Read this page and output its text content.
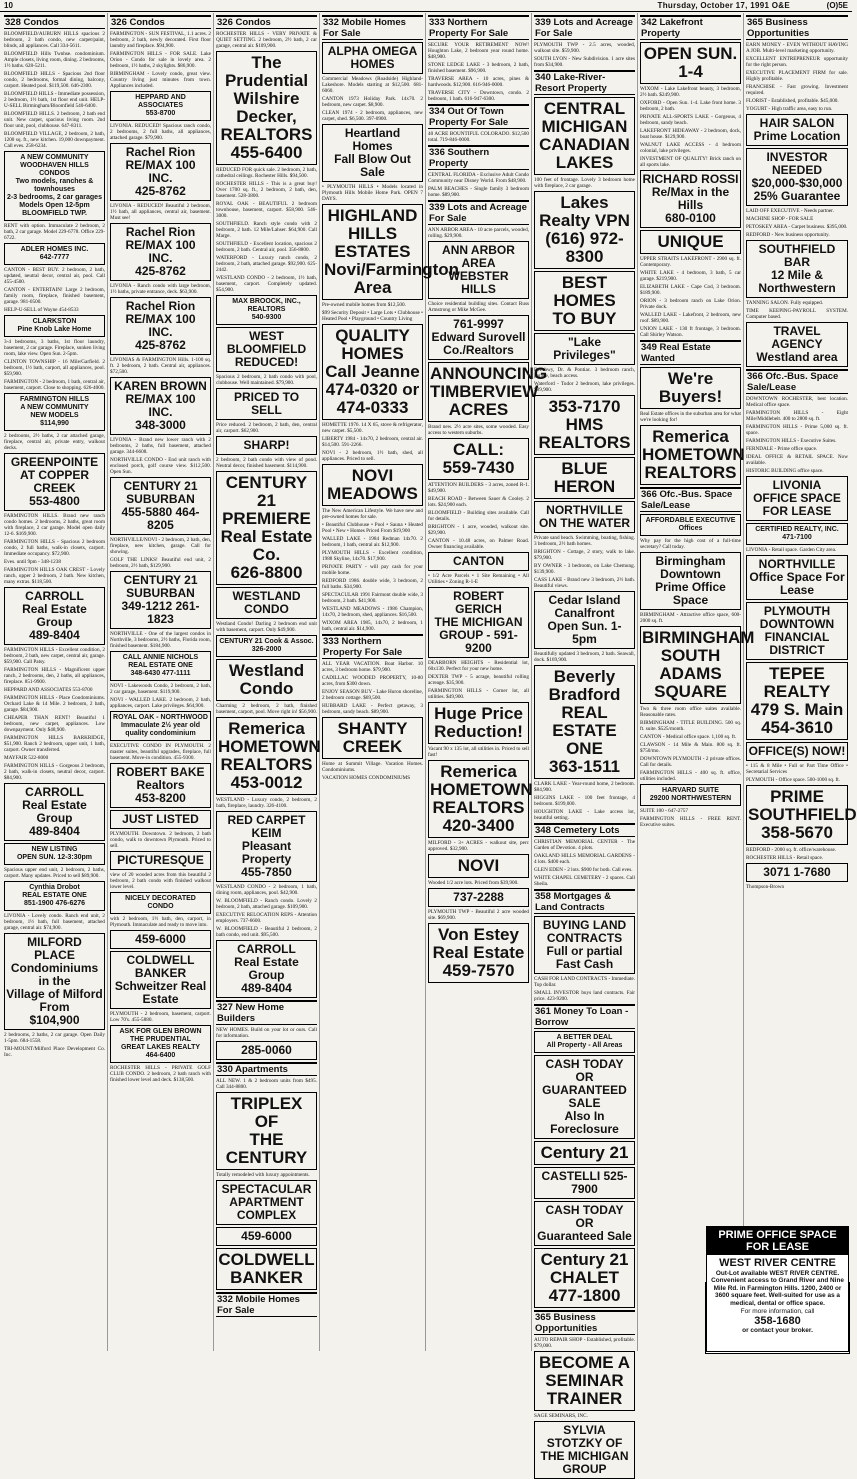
10	Thursday, October 17, 1991 O&E	(O)5E
328 Condos

BLOOMFIELD/AUBURN HILLS spacious 2 bedroom, 2 bath condo, new carpet/paint, blinds, all appliances. Call 334-5611.

BLOOMFIELD Hills Twnhse. condominium. Ample closets, living room, dining. 2 bedrooms, 1½ baths. 628-5211.

BLOOMFIELD HILLS - Spacious 2nd floor condo, 2 bedrooms, formal dining, balcony, carport. Heated pool. $119,500. 646-2300.

BLOOMFIELD HILLS - Immediate possession, 2 bedroom, 1½ bath, 1st floor end unit. HELP-U-SELL Birmingham/Bloomfield 540-6400.

BLOOMFIELD HILLS. 2 bedroom, 2 bath end unit. New carpet, spacious living room. 2nd floor unit, pool, clubhouse. 647-8311.

BLOOMFIELD VILLAGE, 2 bedroom, 2 bath, 1200 sq. ft., new kitchen. 19,000 downpayment. Call eves. 258-6234.

A NEW COMMUNITY
WOODHAVEN HILLS CONDOS
Two models, ranches & townhouses
2-3 bedrooms, 2 car garages
Models Open 12-5pm
BLOOMFIELD TWP.

RENT with option. Immaculate 2 bedroom, 2 bath, 2 car garage. Model 229-6778. Office 229-6722.

ADLER HOMES INC.
642-7777

CANTON - BEST BUY. 2 bedroom, 2 bath, updated, neutral decor, central air, pool. Call 455-4500.

CANTON - ENTERTAIN! Large 2 bedroom, family room, fireplace, finished basement, garage. 981-0500.

HELP-U-SELL of Wayne 454-8533

CLARKSTON
Pine Knob Lake Home

3-4 bedrooms, 3 baths, 1st floor laundry, basement, 2 car garage. Fireplace, sunken living room, lake view. Open Sun. 2-5pm.

CLINTON TOWNSHIP - 16 Mile/Garfield. 2 bedroom, 1½ bath, carport, all appliances, pool. $59,900.

FARMINGTON - 2 bedroom, 1 bath, central air, basement, carport. Close to shopping. 626-4000.

FARMINGTON HILLS
A NEW COMMUNITY
NEW MODELS
$114,990

2 bedrooms, 2½ baths, 2 car attached garage, fireplace, central air, private entry, walkout decks.

GREENPOINTE
AT COPPER CREEK
553-4800

FARMINGTON HILLS. Brand new ranch condo homes. 2 bedrooms, 2 baths, great room with fireplace, 2 car garage. Model open daily 12-6. $169,900.

FARMINGTON HILLS - Spacious 2 bedroom condo, 2 full baths, walk-in closets, carport. Immediate occupancy. $72,900.

Eves. until 9pm - 348-1238

FARMINGTON HILLS OAK CREST - Lovely ranch, upper 2 bedroom, 2 bath. New kitchen, many extras. $118,500.

CARROLL
Real Estate Group
489-8404

FARMINGTON HILLS - Excellent condition, 2 bedroom, 2 bath, new carpet, central air, garage. $59,900. Call Patsy.

FARMINGTON HILLS - Magnificent upper ranch, 2 bedrooms, den, 2 baths, all appliances, fireplace. 851-9900.

HEPPARD AND ASSOCIATES 553-8700

FARMINGTON HILLS - Place Condominiums. Orchard Lake & 14 Mile. 2 bedroom, 2 bath, garage. $84,900.

CHEAPER THAN RENT! Beautiful 1 bedroom, new carpet, appliances. Low downpayment. Only $48,900.

FARMINGTON HILLS BARKRIDGE, $51,900. Ranch 2 bedroom, upper unit, 1 bath, carport. Owner transferred.

MAYFAIR 522-8000

FARMINGTON HILLS - Gorgeous 2 bedroom, 2 bath, walk-in closets, neutral decor, carport. $84,900.

CARROLL
Real Estate Group
489-8404
NEW LISTING
OPEN SUN. 12-3:30pm

Spacious upper end unit, 2 bedroom, 2 baths, carport. Many updates. Priced to sell $89,900.

Cynthia Drobot
REAL ESTATE ONE
851-1900 476-6276

LIVONIA - Lovely condo. Ranch end unit, 2 bedroom, 1½ bath, full basement, attached garage, central air. $74,900.

MILFORD PLACE
Condominiums
in the
Village of Milford
From
$104,900

2 bedrooms, 2 baths, 2 car garage. Open Daily 1-5pm. 684-1558.

TRI-MOUNT/Milford Place Development Co. Inc.

326 Condos

FARMINGTON - SUN FESTIVAL, 1.1 acres. 2 bedroom, 2 bath, newly decorated. First floor laundry and fireplace. $94,900.

FARMINGTON HILLS - FOR SALE. Lake Orion - Condo for sale in lovely area. 2 bedroom, 1½ baths, 2 skylights. $86,900.

BIRMINGHAM - Lovely condo, great view. Country living just minutes from town. Appliances included.

HEPPARD AND ASSOCIATES
553-8700

LIVONIA. REDUCED! Spacious ranch condo, 2 bedrooms, 2 full baths, all appliances, attached garage. $79,900.

Rachel Rion
RE/MAX 100 INC.
425-8762

LIVONIA - REDUCED! Beautiful 2 bedroom, 1½ bath, all appliances, central air, basement. Must see!

Rachel Rion
RE/MAX 100 INC.
425-8762

LIVONIA - Ranch condo with large bedroom, 1½ baths, private entrance, deck. $63,900.

Rachel Rion
RE/MAX 100 INC.
425-8762

LIVONIAS & FARMINGTON Hills. 1-100 sq. ft. 2 bedroom, 2 bath. Central air, appliances. $72,500.

KAREN BROWN
RE/MAX 100 INC.
348-3000

LIVONIA - Brand new lower ranch with 2 bedrooms, 2 baths, full basement, attached garage. 344-6608.

NORTHVILLE CONDO - End unit ranch with enclosed porch, golf course view. $112,500. Open Sun.

CENTURY 21
SUBURBAN
455-5880 464-8205

NORTHVILLE/NOVI - 2 bedroom, 2 bath, den, fireplace, new kitchen, garage. Call for showing.

GOLF THE LINKS! Beautiful end unit, 2 bedroom, 2½ bath, $129,900.

CENTURY 21
SUBURBAN
349-1212 261-1823

NORTHVILLE - One of the largest condos in Northville, 3 bedrooms, 2½ baths, Florida room, finished basement. $184,900.

CALL ANNIE NICHOLS
REAL ESTATE ONE
348-6430 477-1111

NOVI - Lakewoods Condo, 2 bedroom, 2 bath, 2 car garage, basement. $119,900.

NOVI - WALLED LAKE. 2 bedroom, 2 bath, appliances, carport. Lake privileges. $64,900.

ROYAL OAK - NORTHWOOD
Immaculate 2½ year old quality condominium

EXECUTIVE CONDO IN PLYMOUTH. 2 master suites, beautiful upgrades, fireplace, full basement. Move-in condition. 455-9300.

ROBERT BAKE
Realtors
453-8200
JUST LISTED

PLYMOUTH. Downtown. 2 bedroom, 2 bath condo, walk to downtown Plymouth. Priced to sell.

PICTURESQUE

view of 20 wooded acres from this beautiful 2 bedroom, 2 bath condo with finished walkout lower level.

NICELY DECORATED
CONDO

with 2 bedroom, 1½ bath, den, carport, in Plymouth. Immaculate and ready to move into.

459-6000
COLDWELL
BANKER
Schweitzer Real Estate

PLYMOUTH - 2 bedroom, basement, carport. Low 70's. 455-5880.

ASK FOR GLEN BROWN
THE PRUDENTIAL
GREAT LAKES REALTY
464-6400

ROCHESTER HILLS - PRIVATE GOLF CLUB CONDO. 2 bedroom, 2 bath ranch with finished lower level and deck. $138,500.

326 Condos

ROCHESTER HILLS - VERY PRIVATE & QUIET SETTING. 2 bedroom, 2½ bath, 2 car garage, central air. $109,900.

The Prudential
Wilshire Decker,
REALTORS
455-6400

REDUCED FOR quick sale. 2 bedroom, 2 bath, cathedral ceilings. Rochester Hills. $94,500.

ROCHESTER HILLS - This is a great buy! Over 1700 sq. ft., 2 bedroom, 2 bath, den, basement. 528-3800.

ROYAL OAK - BEAUTIFUL 2 bedroom townhouse, basement, carport. $58,900. 546-3000.

SOUTHFIELD. Ranch style condo with 2 bedroom, 2 bath. 12 Mile/Lahser. $64,900. Call Marge.

SOUTHFIELD - Excellent location, spacious 2 bedroom, 2 bath. Central air, pool. 356-8800.

WATERFORD - Luxury ranch condo, 2 bedroom, 2 bath, attached garage. $92,900. 625-2442.

WESTLAND CONDO - 2 bedroom, 1½ bath, basement, carport. Completely updated. $54,900.

MAX BROOCK, INC., REALTORS
540-9300
WEST BLOOMFIELD
REDUCED!

Spacious 2 bedroom, 2 bath condo with pool, clubhouse. Well maintained. $79,900.

PRICED TO SELL

Price reduced. 2 bedroom, 2 bath, den, central air, carport. $62,900.

SHARP!

2 bedroom, 2 bath condo with view of pond. Neutral decor, finished basement. $114,900.

CENTURY 21
PREMIERE Real Estate Co.
626-8800
WESTLAND CONDO

Westland Condo! Darling 2 bedroom end unit with basement, carport. Only $49,900.

CENTURY 21 Cook & Assoc.
326-2000
Westland Condo

Charming 2 bedroom, 2 bath, finished basement, carport, pool. Move right in! $56,900.

Remerica
HOMETOWN REALTORS
453-0012

WESTLAND - Luxury condo, 2 bedroom, 2 bath, fireplace, laundry. 326-4100.

RED CARPET KEIM
Pleasant Property
455-7850

WESTLAND CONDO - 2 bedroom, 1 bath, dining room, appliances, pool. $42,900.

W. BLOOMFIELD - Ranch condo. Lovely 2 bedroom, 2 bath, attached garage. $109,900.

EXECUTIVE RELOCATION REPS - Attention employers. 737-6600.

W. BLOOMFIELD - Beautiful 2 bedroom, 2 bath condo, end unit. $95,500.

CARROLL
Real Estate Group
489-8404
327 New Home Builders

NEW HOMES. Build on your lot or ours. Call for information.

285-0060
330 Apartments

ALL NEW. 1 & 2 bedroom units from $495. Call 344-8800.

TRIPLEX OF
THE CENTURY

Totally remodeled with luxury appointments.

SPECTACULAR
APARTMENT COMPLEX
459-6000
COLDWELL
BANKER
332 Mobile Homes For Sale
332 Mobile Homes For Sale
ALPHA OMEGA HOMES

Commercial Meadows (Roadside) Highland-Lakeshore. Models starting at $12,500. 681-6060.

CANTON 1973 Holiday Park. 14x70. 2 bedroom, new carpet. $8,900.

CLEAN 1974 - 2 bedroom, appliances, new carpet, shed. $6,500. 397-0900.

Heartland Homes
Fall Blow Out Sale

• PLYMOUTH HILLS • Models located in Plymouth Hills Mobile Home Park. OPEN 7 DAYS.

HIGHLAND HILLS
ESTATES
Novi/Farmington Area

Pre-owned mobile homes from $12,500.

$99 Security Deposit • Large Lots • Clubhouse • Heated Pool • Playground • Country Living

QUALITY HOMES
Call Jeanne
474-0320 or 474-0333

HOMETTE 1976. 14 X 65, stove & refrigerator, new carpet. $5,500.

LIBERTY 1984 - 14x70, 2 bedroom, central air. $14,500. 591-2266.

NOVI - 2 bedroom, 1½ bath, shed, all appliances. Priced to sell.

NOVI
MEADOWS

The New American Lifestyle. We have new and pre-owned homes for sale.

• Beautiful Clubhouse • Pool • Sauna • Heated Pool • New • Homes Priced From $19,900

WALLED LAKE - 1984 Redman 14x70. 2 bedroom, 1 bath, central air. $12,900.

PLYMOUTH HILLS - Excellent condition, 1988 Skyline, 14x70. $17,900.

PRIVATE PARTY - will pay cash for your mobile home.

REDFORD 1986. double wide, 3 bedroom, 2 full baths. $34,900.

SPECTACULAR 1991 Fairmont double wide, 3 bedroom, 2 bath. $41,900.

WESTLAND MEADOWS - 1986 Champion, 14x70, 2 bedroom, shed, appliances. $16,500.

WIXOM AREA 1985, 14x70, 2 bedroom, 1 bath, central air. $14,900.

333 Northern Property For Sale

ALL YEAR VACATION. Boat Harbor. 10 acres, 3 bedroom home. $79,900.

CADILLAC WOODED PROPERTY, 10-80 acres, from $300 down.

ENJOY SEASON BUY - Lake Huron shoreline, 2 bedroom cottage. $69,500.

HUBBARD LAKE - Perfect getaway, 3 bedroom, sandy beach. $89,900.

SHANTY CREEK

Home at Summit Village. Vacation Homes. Condominiums.

VACATION HOMES CONDOMINIUMS

333 Northern Property For Sale

SECURE YOUR RETIREMENT NOW! Houghton Lake, 2 bedroom year round home. $48,900.

STONE LEDGE LAKE - 3 bedroom, 2 bath, finished basement. $96,900.

TRAVERSE AREA - 10 acres, pines & hardwoods. $12,900. 616-946-0000.

TRAVERSE CITY - Downtown, condo. 2 bedroom, 1 bath. 616-947-6300.

334 Out Of Town Property For Sale

40 ACRE BOUNTIFUL COLORADO. $12,500 total. 719-846-0000.

336 Southern Property

CENTRAL FLORIDA - Exclusive Adult Condo Community near Disney World. From $48,900.

PALM BEACHES - Single family 3 bedroom home. $89,900.

339 Lots and Acreage For Sale

ANN ARBOR AREA - 10 acre parcels, wooded, rolling. $29,900.

ANN ARBOR AREA
WEBSTER HILLS

Choice residential building sites. Contact Russ Armstrong or Mike McGee.

761-9997
Edward Surovell Co./Realtors
ANNOUNCING
TIMBERVIEW ACRES

Brand new. 2½ acre sites, some wooded. Easy access to western suburbs.

CALL:
559-7430

ATTENTION BUILDERS - 3 acres, zoned R-1. $49,900.

BEACH ROAD - Between Sauer & Cooley. 2 lots. $24,900 each.

BLOOMFIELD - Building sites available. Call for details.

BRIGHTON - 1 acre, wooded, walkout site. $29,900.

CANTON - 10.48 acres, on Palmer Road. Owner financing available.

CANTON

• 1/2 Acre Parcels • 1 Site Remaining • All Utilities • Zoning R-1-E

ROBERT GERICH
THE MICHIGAN GROUP - 591-9200

DEARBORN HEIGHTS - Residential lot, 60x130. Perfect for your new home.

DEXTER TWP - 5 acrage, beautiful rolling acreage. $35,900.

FARMINGTON HILLS - Corner lot, all utilities. $49,900.

Huge Price
Reduction!

Vacant 90 x 135 lot, all utilities in. Priced to sell fast!

Remerica
HOMETOWN REALTORS
420-3400

MILFORD - 3+ ACRES - walkout site, perc approved. $32,900.

NOVI

Wooded 1/2 acre lots. Priced from $39,900.

737-2288

PLYMOUTH TWP - Beautiful 2 acre wooded site. $69,900.

Von Estey Real Estate
459-7570
339 Lots and Acreage For Sale

PLYMOUTH TWP - 2.5 acres, wooded, walkout site. $59,900.

SOUTH LYON - New Subdivision. 1 acre sites from $34,900.

340 Lake-River-Resort Property
CENTRAL MICHIGAN
CANADIAN LAKES

100 feet of frontage. Lovely 3 bedroom home with fireplace, 2 car garage.

Lakes Realty VPN
(616) 972-8300
BEST HOMES
TO BUY
"Lake Privileges"

Beechwy, Dr. & Pontiac. 3 bedroom ranch, garage, beach access.

Waterford - Tudor 2 bedroom, lake privileges. $89,900.

353-7170
HMS REALTORS
BLUE HERON
NORTHVILLE
ON THE WATER

Private sand beach. Swimming, boating, fishing. 3 bedroom, 2½ bath homes.

BRIGHTON - Cottage, 2 story, walk to lake. $79,900.

BY OWNER - 3 bedroom, on Lake Chemung. $139,900.

CASS LAKE - Brand new 3 bedroom, 2½ bath. Beautiful views.

Cedar Island Canalfront
Open Sun. 1-5pm

Beautifully updated 3 bedroom, 2 bath. Seawall, dock. $169,900.

Beverly Bradford
REAL ESTATE ONE
363-1511

CLARK LAKE - Year-round home, 2 bedroom. $84,900.

HIGGINS LAKE - 100 feet frontage, 4 bedroom. $199,000.

HOUGHTON LAKE - Lake access lot, beautiful setting.

348 Cemetery Lots

CHRISTIAN MEMORIAL CENTER - The Garden of Devotion. 4 plots.

OAKLAND HILLS MEMORIAL GARDENS - 4 lots. $400 each.

GLEN EDEN - 2 lots. $900 for both. Call eves.

WHITE CHAPEL CEMETERY - 2 spaces. Call Sheila.

358 Mortgages & Land Contracts
BUYING LAND CONTRACTS
Full or partial
Fast Cash

CASH FOR LAND CONTRACTS - Immediate. Top dollar.

SMALL INVESTOR buys land contracts. Fair price. 423-9200.

361 Money To Loan - Borrow
A BETTER DEAL
All Property - All Areas
CASH TODAY
OR
GUARANTEED SALE
Also In Foreclosure
Century 21
CASTELLI 525-7900
CASH TODAY
OR
Guaranteed Sale
Century 21
CHALET 477-1800
365 Business Opportunities

AUTO REPAIR SHOP - Established, profitable. $79,000.

BECOME A
SEMINAR TRAINER

SAGE SEMINARS, INC.

SYLVIA STOTZKY OF
THE MICHIGAN GROUP
342 Lakefront Property
OPEN SUN. 1-4

WIXOM - Lake Lakefront beauty, 3 bedroom, 2½ bath. $249,900.

OXFORD - Open Sun. 1-4. Lake front home. 3 bedroom, 2 bath.

PRIVATE ALL-SPORTS LAKE - Gorgeous, 4 bedroom, sandy beach.

LAKEFRONT HIDEAWAY - 2 bedroom, dock, boat house. $129,900.

WALNUT LAKE ACCESS - 4 bedroom colonial, lake privileges.

INVESTMENT OF QUALITY! Brick ranch on all sports lake.

RICHARD ROSSI
Re/Max in the Hills
680-0100
UNIQUE

UPPER STRAITS LAKEFRONT - 2900 sq. ft. Contemporary.

WHITE LAKE - 4 bedroom, 3 bath, 5 car garage. $219,900.

ELIZABETH LAKE - Cape Cod, 3 bedroom. $189,900.

ORION - 3 bedroom ranch on Lake Orion. Private dock.

WALLED LAKE - Lakefront, 2 bedroom, new roof. $89,900.

UNION LAKE - 130 ft frontage, 3 bedroom. Call Shirley Watson.

349 Real Estate Wanted
We're Buyers!

Real Estate offices in the suburban area for what we're looking for!

Remerica
HOMETOWN REALTORS
366 Ofc.-Bus. Space Sale/Lease
AFFORDABLE EXECUTIVE
Offices

Why pay for the high cost of a full-time secretary? Call today.

Birmingham Downtown
Prime Office Space

BIRMINGHAM - Attractive office space, 600-2000 sq. ft.

BIRMINGHAM
SOUTH ADAMS SQUARE

Two & three room office suites available. Reasonable rates.

BIRMINGHAM - TITLE BUILDING. 500 sq. ft. suite. $525/month.

CANTON - Medical office space. 1,100 sq. ft.

CLAWSON - 14 Mile & Main. 800 sq. ft. $750/mo.

DOWNTOWN PLYMOUTH - 2 private offices. Call for details.

FARMINGTON HILLS - 400 sq. ft. office, utilities included.

HARVARD SUITE
29200 NORTHWESTERN

SUITE 100 - 647-2757

FARMINGTON HILLS - FREE RENT. Executive suites.

365 Business Opportunities

EARN MONEY - EVEN WITHOUT HAVING A JOB. Multi-level marketing opportunity.

EXCELLENT ENTREPRENEUR opportunity for the right person.

EXECUTIVE PLACEMENT FIRM for sale. Highly profitable.

FRANCHISE - Fast growing. Investment required.

FLORIST - Established, profitable. $45,000.

YOGURT - High traffic area, easy to run.

HAIR SALON
Prime Location
INVESTOR NEEDED
$20,000-$30,000
25% Guarantee

LAID OFF EXECUTIVE - Needs partner.

MACHINE SHOP - FOR SALE

PETOSKEY AREA - Carpet business. $395,000.

REDFORD - New business opportunity.

SOUTHFIELD BAR
12 Mile & Northwestern

TANNING SALON. Fully equipped.

TIME KEEPING-PAYROLL SYSTEM. Computer based.

TRAVEL AGENCY
Westland area
366 Ofc.-Bus. Space Sale/Lease

DOWNTOWN ROCHESTER, best location. Medical office space.

FARMINGTON HILLS - Eight Mile/Middlebelt. 400 to 2800 sq. ft.

FARMINGTON HILLS - Prime 5,000 sq. ft. space.

FARMINGTON HILLS - Executive Suites.

FERNDALE - Prime office space.

IDEAL OFFICE & RETAIL SPACE. Now available.

HISTORIC BUILDING office space.

LIVONIA
OFFICE SPACE
FOR LEASE
CERTIFIED REALTY, INC.
471-7100

LIVONIA - Retail space. Garden City area.

NORTHVILLE
Office Space For Lease
PLYMOUTH
DOWNTOWN FINANCIAL DISTRICT
TEPEE REALTY
479 S. Main
454-3610
OFFICE(S) NOW!

• 115 & 8 Mile • Full or Part Time Office • Secretarial Services

PLYMOUTH - Office space. 500-1000 sq. ft.

PRIME SOUTHFIELD
358-5670

REDFORD - 2000 sq. ft. office/warehouse.

ROCHESTER HILLS - Retail space.

3071 1-7680

Thompson-Brown

PRIME OFFICE SPACE
FOR LEASE
WEST RIVER CENTRE
Out-Lot available WEST RIVER CENTRE. Convenient access to Grand River and Nine Mile Rd. in Farmington Hills. 1200, 2400 or 3600 square feet. Well-suited for use as a medical, dental or office space.
For more information, call
358-1680
or contact your broker.
